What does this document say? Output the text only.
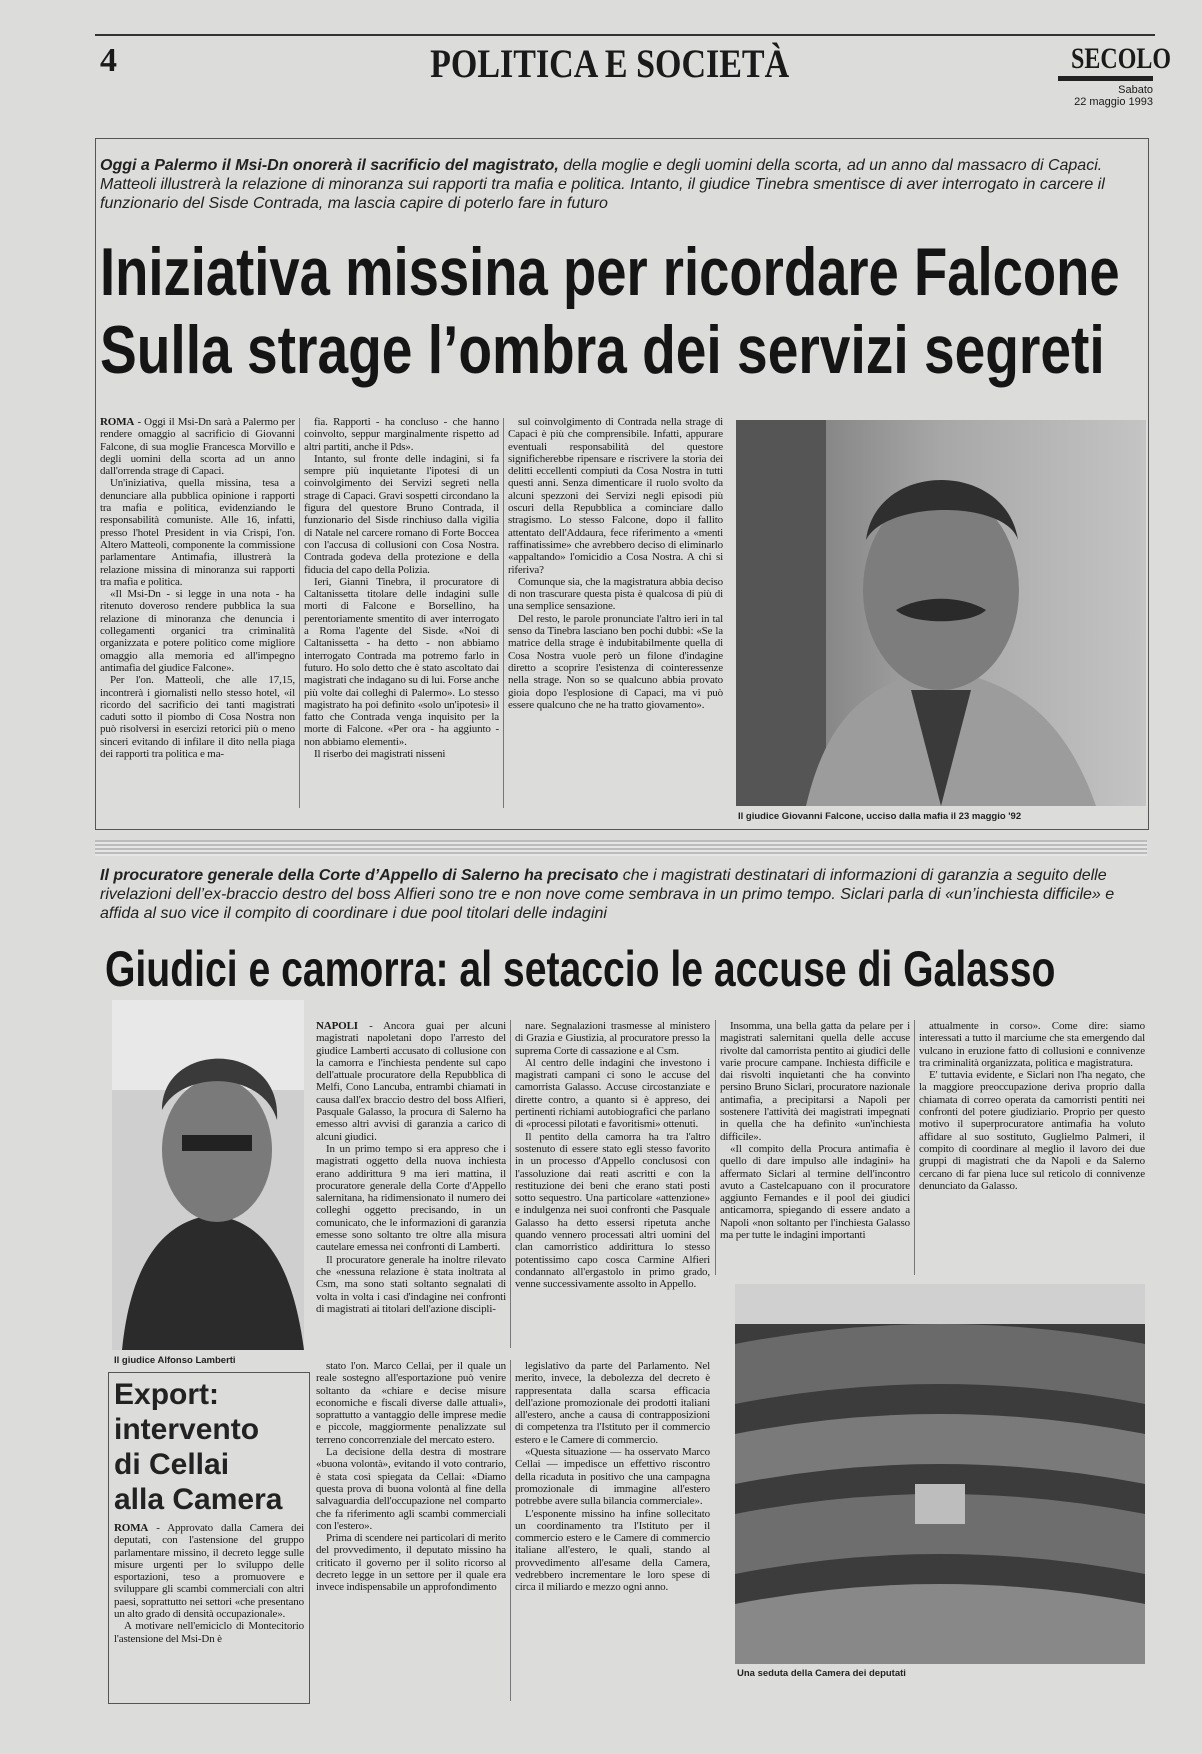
4	POLITICA E SOCIETÀ	SECOLO
Sabato
22 maggio 1993
Oggi a Palermo il Msi-Dn onorerà il sacrificio del magistrato, della moglie e degli uomini della scorta, ad un anno dal massacro di Capaci. Matteoli illustrerà la relazione di minoranza sui rapporti tra mafia e politica. Intanto, il giudice Tinebra smentisce di aver interrogato in carcere il funzionario del Sisde Contrada, ma lascia capire di poterlo fare in futuro
Iniziativa missina per ricordare Falcone
Sulla strage l’ombra dei servizi segreti

ROMA - Oggi il Msi-Dn sarà a Palermo per rendere omaggio al sacrificio di Giovanni Falcone, di sua moglie Francesca Morvillo e degli uomini della scorta ad un anno dall'orrenda strage di Capaci.

Un'iniziativa, quella missina, tesa a denunciare alla pubblica opinione i rapporti tra mafia e politica, evidenziando le responsabilità comuniste. Alle 16, infatti, presso l'hotel President in via Crispi, l'on. Altero Matteoli, componente la commissione parlamentare Antimafia, illustrerà la relazione missina di minoranza sui rapporti tra mafia e politica.

«Il Msi-Dn - si legge in una nota - ha ritenuto doveroso rendere pubblica la sua relazione di minoranza che denuncia i collegamenti organici tra criminalità organizzata e potere politico come migliore omaggio alla memoria ed all'impegno antimafia del giudice Falcone».

Per l'on. Matteoli, che alle 17,15, incontrerà i giornalisti nello stesso hotel, «il ricordo del sacrificio dei tanti magistrati caduti sotto il piombo di Cosa Nostra non può risolversi in esercizi retorici più o meno sinceri evitando di infilare il dito nella piaga dei rapporti tra politica e ma-

fia. Rapporti - ha concluso - che hanno coinvolto, seppur marginalmente rispetto ad altri partiti, anche il Pds».

Intanto, sul fronte delle indagini, si fa sempre più inquietante l'ipotesi di un coinvolgimento dei Servizi segreti nella strage di Capaci. Gravi sospetti circondano la figura del questore Bruno Contrada, il funzionario del Sisde rinchiuso dalla vigilia di Natale nel carcere romano di Forte Boccea con l'accusa di collusioni con Cosa Nostra. Contrada godeva della protezione e della fiducia del capo della Polizia.

Ieri, Gianni Tinebra, il procuratore di Caltanissetta titolare delle indagini sulle morti di Falcone e Borsellino, ha perentoriamente smentito di aver interrogato a Roma l'agente del Sisde. «Noi di Caltanissetta - ha detto - non abbiamo interrogato Contrada ma potremo farlo in futuro. Ho solo detto che è stato ascoltato dai magistrati che indagano su di lui. Forse anche più volte dai colleghi di Palermo». Lo stesso magistrato ha poi definito «solo un'ipotesi» il fatto che Contrada venga inquisito per la morte di Falcone. «Per ora - ha aggiunto - non abbiamo elementi».

Il riserbo dei magistrati nisseni

sul coinvolgimento di Contrada nella strage di Capaci è più che comprensibile. Infatti, appurare eventuali responsabilità del questore significherebbe ripensare e riscrivere la storia dei delitti eccellenti compiuti da Cosa Nostra in tutti questi anni. Senza dimenticare il ruolo svolto da alcuni spezzoni dei Servizi negli episodi più oscuri della Repubblica a cominciare dallo stragismo. Lo stesso Falcone, dopo il fallito attentato dell'Addaura, fece riferimento a «menti raffinatissime» che avrebbero deciso di eliminarlo «appaltando» l'omicidio a Cosa Nostra. A chi si riferiva?

Comunque sia, che la magistratura abbia deciso di non trascurare questa pista è qualcosa di più di una semplice sensazione.

Del resto, le parole pronunciate l'altro ieri in tal senso da Tinebra lasciano ben pochi dubbi: «Se la matrice della strage è indubitabilmente quella di Cosa Nostra vuole però un filone d'indagine diretto a scoprire l'esistenza di cointeressenze nella strage. Non so se qualcuno abbia provato gioia dopo l'esplosione di Capaci, ma vi può essere qualcuno che ne ha tratto giovamento».

Il giudice Giovanni Falcone, ucciso dalla mafia il 23 maggio '92
Il procuratore generale della Corte d’Appello di Salerno ha precisato che i magistrati destinatari di informazioni di garanzia a seguito delle rivelazioni dell’ex-braccio destro del boss Alfieri sono tre e non nove come sembrava in un primo tempo. Siclari parla di «un’inchiesta difficile» e affida al suo vice il compito di coordinare i due pool titolari delle indagini
Giudici e camorra: al setaccio le accuse di Galasso
Il giudice Alfonso Lamberti

NAPOLI - Ancora guai per alcuni magistrati napoletani dopo l'arresto del giudice Lamberti accusato di collusione con la camorra e l'inchiesta pendente sul capo dell'attuale procuratore della Repubblica di Melfi, Cono Lancuba, entrambi chiamati in causa dall'ex braccio destro del boss Alfieri, Pasquale Galasso, la procura di Salerno ha emesso altri avvisi di garanzia a carico di alcuni giudici.

In un primo tempo si era appreso che i magistrati oggetto della nuova inchiesta erano addirittura 9 ma ieri mattina, il procuratore generale della Corte d'Appello salernitana, ha ridimensionato il numero dei colleghi oggetto precisando, in un comunicato, che le informazioni di garanzia emesse sono soltanto tre oltre alla misura cautelare emessa nei confronti di Lamberti.

Il procuratore generale ha inoltre rilevato che «nessuna relazione è stata inoltrata al Csm, ma sono stati soltanto segnalati di volta in volta i casi d'indagine nei confronti di magistrati ai titolari dell'azione discipli-

nare. Segnalazioni trasmesse al ministero di Grazia e Giustizia, al procuratore presso la suprema Corte di cassazione e al Csm.

Al centro delle indagini che investono i magistrati campani ci sono le accuse del camorrista Galasso. Accuse circostanziate e dirette contro, a quanto si è appreso, dei pertinenti richiami autobiografici che parlano di «processi pilotati e favoritismi» ottenuti.

Il pentito della camorra ha tra l'altro sostenuto di essere stato egli stesso favorito in un processo d'Appello conclusosi con l'assoluzione dai reati ascritti e con la restituzione dei beni che erano stati posti sotto sequestro. Una particolare «attenzione» e indulgenza nei suoi confronti che Pasquale Galasso ha detto essersi ripetuta anche quando vennero processati altri uomini del clan camorristico addirittura lo stesso potentissimo capo cosca Carmine Alfieri condannato all'ergastolo in primo grado, venne successivamente assolto in Appello.

Insomma, una bella gatta da pelare per i magistrati salernitani quella delle accuse rivolte dal camorrista pentito ai giudici delle varie procure campane. Inchiesta difficile e dai risvolti inquietanti che ha convinto persino Bruno Siclari, procuratore nazionale antimafia, a precipitarsi a Napoli per sostenere l'attività dei magistrati impegnati in quella che ha definito «un'inchiesta difficile».

«Il compito della Procura antimafia è quello di dare impulso alle indagini» ha affermato Siclari al termine dell'incontro avuto a Castelcapuano con il procuratore aggiunto Fernandes e il pool dei giudici anticamorra, spiegando di essere andato a Napoli «non soltanto per l'inchiesta Galasso ma per tutte le indagini importanti

attualmente in corso». Come dire: siamo interessati a tutto il marciume che sta emergendo dal vulcano in eruzione fatto di collusioni e connivenze tra criminalità organizzata, politica e magistratura.

E' tuttavia evidente, e Siclari non l'ha negato, che la maggiore preoccupazione deriva proprio dalla chiamata di correo operata da camorristi pentiti nei confronti del potere giudiziario. Proprio per questo motivo il superprocuratore antimafia ha voluto affidare al suo sostituto, Guglielmo Palmeri, il compito di coordinare al meglio il lavoro dei due gruppi di magistrati che da Napoli e da Salerno cercano di far piena luce sul reticolo di connivenze denunciato da Galasso.

Export:
intervento
di Cellai
alla Camera

ROMA - Approvato dalla Camera dei deputati, con l'astensione del gruppo parlamentare missino, il decreto legge sulle misure urgenti per lo sviluppo delle esportazioni, teso a promuovere e sviluppare gli scambi commerciali con altri paesi, soprattutto nei settori «che presentano un alto grado di densità occupazionale».

A motivare nell'emiciclo di Montecitorio l'astensione del Msi-Dn è

stato l'on. Marco Cellai, per il quale un reale sostegno all'esportazione può venire soltanto da «chiare e decise misure economiche e fiscali diverse dalle attuali», soprattutto a vantaggio delle imprese medie e piccole, maggiormente penalizzate sul terreno concorrenziale del mercato estero.

La decisione della destra di mostrare «buona volontà», evitando il voto contrario, è stata così spiegata da Cellai: «Diamo questa prova di buona volontà al fine della salvaguardia dell'occupazione nel comparto che fa riferimento agli scambi commerciali con l'estero».

Prima di scendere nei particolari di merito del provvedimento, il deputato missino ha criticato il governo per il solito ricorso al decreto legge in un settore per il quale era invece indispensabile un approfondimento

legislativo da parte del Parlamento. Nel merito, invece, la debolezza del decreto è rappresentata dalla scarsa efficacia dell'azione promozionale dei prodotti italiani all'estero, anche a causa di contrapposizioni di competenza tra l'Istituto per il commercio estero e le Camere di commercio.

«Questa situazione — ha osservato Marco Cellai — impedisce un effettivo riscontro della ricaduta in positivo che una campagna promozionale di immagine all'estero potrebbe avere sulla bilancia commerciale».

L'esponente missino ha infine sollecitato un coordinamento tra l'Istituto per il commercio estero e le Camere di commercio italiane all'estero, le quali, stando al provvedimento all'esame della Camera, vedrebbero incrementare le loro spese di circa il miliardo e mezzo ogni anno.

Una seduta della Camera dei deputati
